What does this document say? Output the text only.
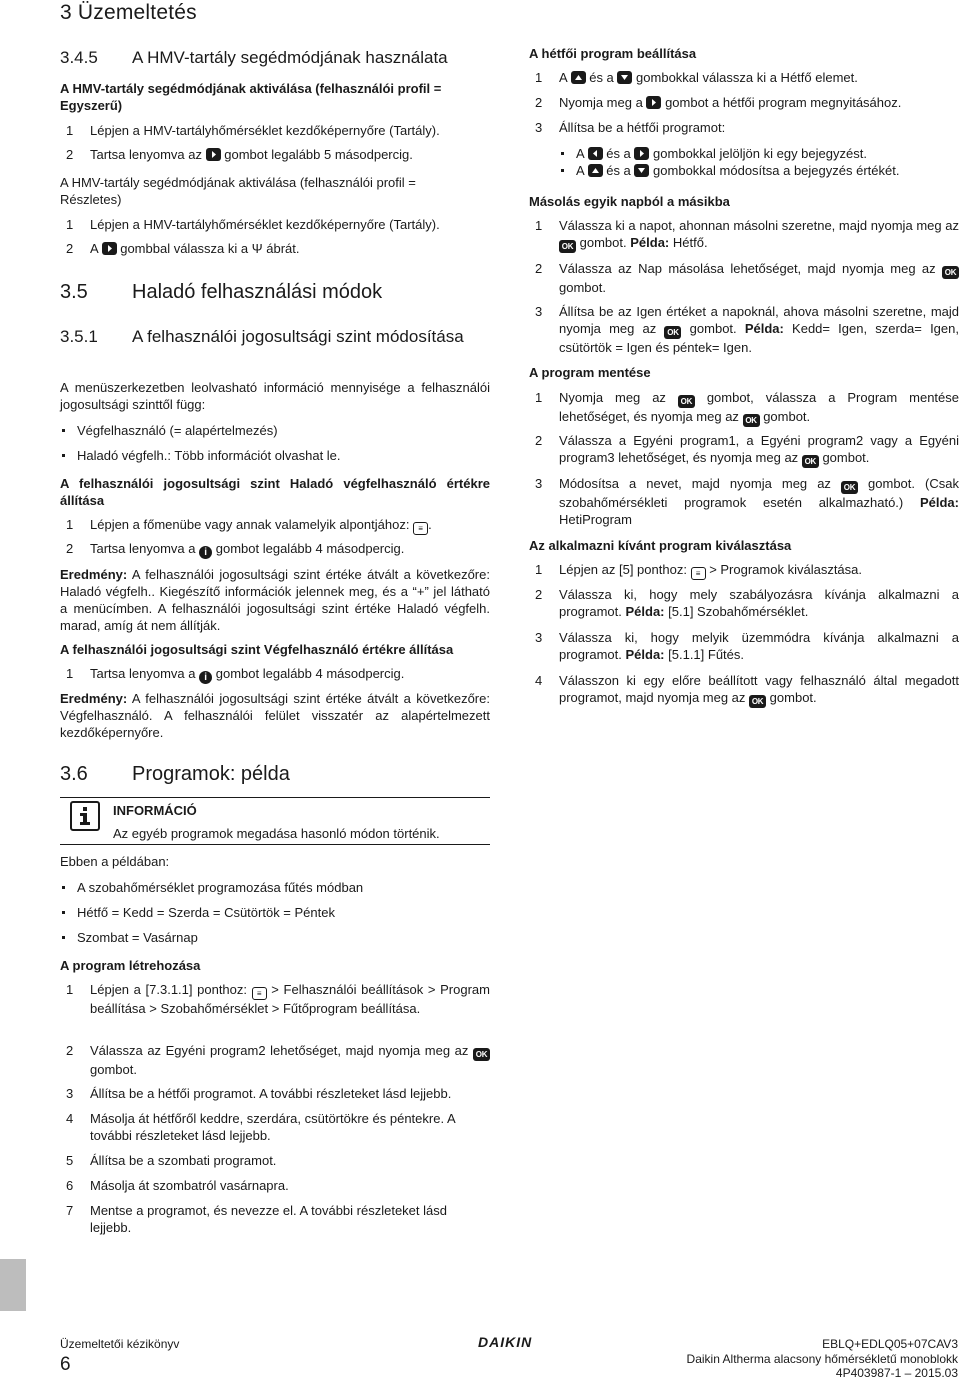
3 Üzemeltetés
3.4.5 A HMV-tartály segédmódjának használata
A HMV-tartály segédmódjának aktiválása (felhasználói profil = Egyszerű)
1 Lépjen a HMV-tartályhőmérséklet kezdőképernyőre (Tartály).
2 Tartsa lenyomva az gombot legalább 5 másodpercig.
A HMV-tartály segédmódjának aktiválása (felhasználói profil = Részletes)
1 Lépjen a HMV-tartályhőmérséklet kezdőképernyőre (Tartály).
2 A gombbal válassza ki a Ψ ábrát.
3.5 Haladó felhasználási módok
3.5.1	A felhasználói jogosultsági szint módosítása
A menüszerkezetben leolvasható információ mennyisége a felhasználói jogosultsági szinttől függ:
Végfelhasználó (= alapértelmezés)
Haladó végfelh.: Több információt olvashat le.
A felhasználói jogosultsági szint Haladó végfelhasználó értékre állítása
1 Lépjen a főmenübe vagy annak valamelyik alpontjához: ≡ .
2 Tartsa lenyomva a i gombot legalább 4 másodpercig.
Eredmény: A felhasználói jogosultsági szint értéke átvált a következőre: Haladó végfelh.. Kiegészítő információk jelennek meg, és a “+” jel látható a menücímben. A felhasználói jogosultsági szint értéke Haladó végfelh. marad, amíg át nem állítják.
A felhasználói jogosultsági szint Végfelhasználó értékre állítása
1 Tartsa lenyomva a i gombot legalább 4 másodpercig.
Eredmény: A felhasználói jogosultsági szint értéke átvált a következőre: Végfelhasználó. A felhasználói felület visszatér az alapértelmezett kezdőképernyőre.
3.6 Programok: példa
INFORMÁCIÓ
Az egyéb programok megadása hasonló módon történik.
Ebben a példában:
A szobahőmérséklet programozása fűtés módban
Hétfő = Kedd = Szerda = Csütörtök = Péntek
Szombat = Vasárnap
A program létrehozása
1 Lépjen a [7.3.1.1] ponthoz: ≡ > Felhasználói beállítások > Program beállítása > Szobahőmérséklet > Fűtőprogram beállítása.
2 Válassza az Egyéni program2 lehetőséget, majd nyomja meg az OK gombot.
3 Állítsa be a hétfői programot. A további részleteket lásd lejjebb.
4 Másolja át hétfőről keddre, szerdára, csütörtökre és péntekre. A további részleteket lásd lejjebb.
5 Állítsa be a szombati programot.
6 Másolja át szombatról vasárnapra.
7 Mentse a programot, és nevezze el. A további részleteket lásd lejjebb.
A hétfői program beállítása
1 A és a gombokkal válassza ki a Hétfő elemet.
2 Nyomja meg a gombot a hétfői program megnyitásához.
3 Állítsa be a hétfői programot:
A és a gombokkal jelöljön ki egy bejegyzést.
A és a gombokkal módosítsa a bejegyzés értékét.
Másolás egyik napból a másikba
1 Válassza ki a napot, ahonnan másolni szeretne, majd nyomja meg az OK gombot. Példa: Hétfő.
2 Válassza az Nap másolása lehetőséget, majd nyomja meg az OK gombot.
3 Állítsa be az Igen értéket a napoknál, ahova másolni szeretne, majd nyomja meg az OK gombot. Példa: Kedd= Igen, szerda= Igen, csütörtök = Igen és péntek= Igen.
A program mentése
1 Nyomja meg az OK gombot, válassza a Program mentése lehetőséget, és nyomja meg az OK gombot.
2 Válassza a Egyéni program1, a Egyéni program2 vagy a Egyéni program3 lehetőséget, és nyomja meg az OK gombot.
3 Módosítsa a nevet, majd nyomja meg az OK gombot. (Csak szobahőmérsékleti programok esetén alkalmazható.) Példa: HetiProgram
Az alkalmazni kívánt program kiválasztása
1 Lépjen az [5] ponthoz: ≡ > Programok kiválasztása.
2 Válassza ki, hogy mely szabályozásra kívánja alkalmazni a programot. Példa: [5.1] Szobahőmérséklet.
3 Válassza ki, hogy melyik üzemmódra kívánja alkalmazni a programot. Példa: [5.1.1] Fűtés.
4 Válasszon ki egy előre beállított vagy felhasználó által megadott programot, majd nyomja meg az OK gombot.
Üzemeltetői kézikönyv
6
DAIKIN	EBLQ+EDLQ05+07CAV3
Daikin Altherma alacsony hőmérsékletű monoblokk
4P403987-1 – 2015.03
